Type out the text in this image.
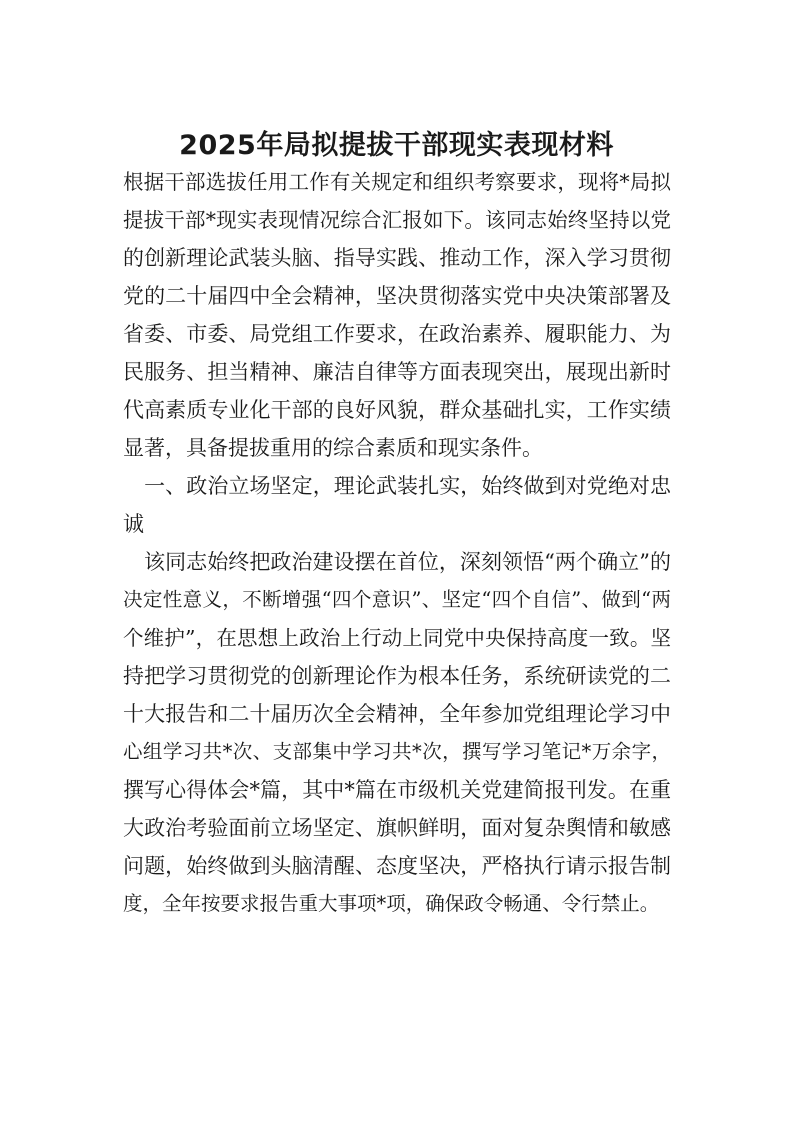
2025年局拟提拔干部现实表现材料

根据干部选拔任用工作有关规定和组织考察要求，现将*局拟
提拔干部*现实表现情况综合汇报如下。该同志始终坚持以党
的创新理论武装头脑、指导实践、推动工作，深入学习贯彻
党的二十届四中全会精神，坚决贯彻落实党中央决策部署及
省委、市委、局党组工作要求，在政治素养、履职能力、为
民服务、担当精神、廉洁自律等方面表现突出，展现出新时
代高素质专业化干部的良好风貌，群众基础扎实，工作实绩
显著，具备提拔重用的综合素质和现实条件。

　一、政治立场坚定，理论武装扎实，始终做到对党绝对忠
诚

　该同志始终把政治建设摆在首位，深刻领悟“两个确立”的
决定性意义，不断增强“四个意识”、坚定“四个自信”、做到“两
个维护”，在思想上政治上行动上同党中央保持高度一致。坚
持把学习贯彻党的创新理论作为根本任务，系统研读党的二
十大报告和二十届历次全会精神，全年参加党组理论学习中
心组学习共*次、支部集中学习共*次，撰写学习笔记*万余字，
撰写心得体会*篇，其中*篇在市级机关党建简报刊发。在重
大政治考验面前立场坚定、旗帜鲜明，面对复杂舆情和敏感
问题，始终做到头脑清醒、态度坚决，严格执行请示报告制
度，全年按要求报告重大事项*项，确保政令畅通、令行禁止。
